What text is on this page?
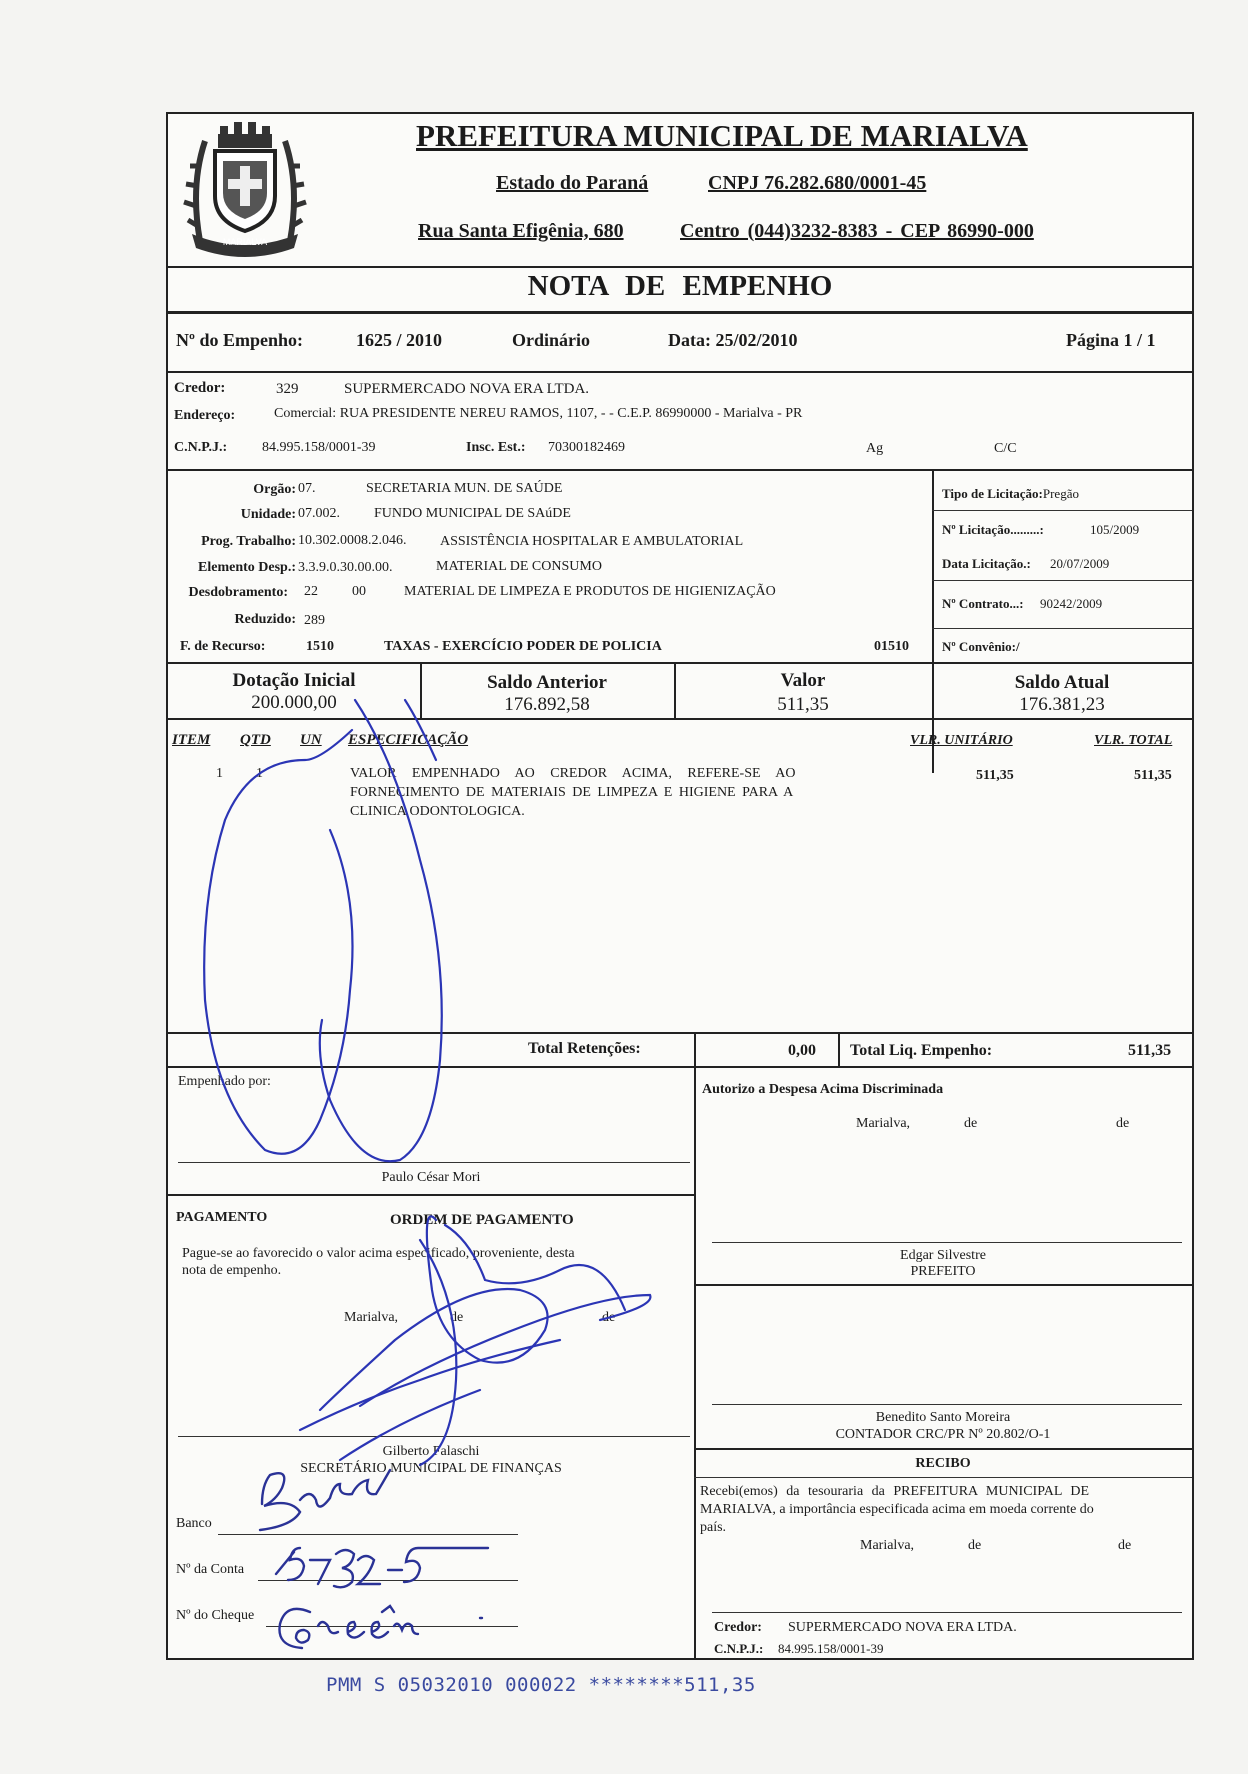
MARIALVA
PREFEITURA MUNICIPAL DE MARIALVA
Estado do Paraná	CNPJ 76.282.680/0001-45
Rua Santa Efigênia, 680	Centro (044)3232-8383 - CEP 86990-000
NOTA DE EMPENHO
Nº do Empenho:	1625 / 2010	Ordinário	Data: 25/02/2010	Página 1 / 1
Credor:	329	SUPERMERCADO NOVA ERA LTDA.
Endereço:	Comercial: RUA PRESIDENTE NEREU RAMOS, 1107, - - C.E.P. 86990000 - Marialva - PR
C.N.P.J.: 84.995.158/0001-39	Insc. Est.: 70300182469	Ag	C/C
Orgão: 07.	SECRETARIA MUN. DE SAÚDE
Unidade: 07.002. FUNDO MUNICIPAL DE SAúDE
Prog. Trabalho: 10.302.0008.2.046. ASSISTÊNCIA HOSPITALAR E AMBULATORIAL
Elemento Desp.: 3.3.9.0.30.00.00.	MATERIAL DE CONSUMO
Desdobramento: 22 00	MATERIAL DE LIMPEZA E PRODUTOS DE HIGIENIZAÇÃO
Reduzido: 289
F. de Recurso:	1510	TAXAS - EXERCÍCIO PODER DE POLICIA	01510
Tipo de Licitação:Pregão
Nº Licitação.........:	105/2009
Data Licitação.: 20/07/2009
Nº Contrato...: 90242/2009
Nº Convênio:/
Dotação Inicial
200.000,00
Saldo Anterior
176.892,58
Valor
511,35
Saldo Atual
176.381,23
ITEM QTD UN ESPECIFICAÇÃO	VLR. UNITÁRIO	VLR. TOTAL
1 1	VALOR EMPENHADO AO CREDOR ACIMA, REFERE-SE AO
FORNECIMENTO DE MATERIAIS DE LIMPEZA E HIGIENE PARA A
CLINICA ODONTOLOGICA.
511,35	511,35
Total Retenções:	0,00 Total Liq. Empenho:	511,35
Empenhado por:
Paulo César Mori
Autorizo a Despesa Acima Discriminada
Marialva,	de	de
Edgar Silvestre
PREFEITO
PAGAMENTO	ORDEM DE PAGAMENTO
Pague-se ao favorecido o valor acima especificado, proveniente, desta
nota de empenho.
Marialva,	de	de
Gilberto Falaschi
SECRETÁRIO MUNICIPAL DE FINANÇAS
Banco
Nº da Conta
Nº do Cheque
Benedito Santo Moreira
CONTADOR CRC/PR Nº 20.802/O-1
RECIBO
Recebi(emos) da tesouraria da PREFEITURA MUNICIPAL DE
MARIALVA, a importância especificada acima em moeda corrente do
país.
Marialva,	de	de
Credor: SUPERMERCADO NOVA ERA LTDA.
C.N.P.J.: 84.995.158/0001-39
PMM S 05032010 000022 ********511,35
